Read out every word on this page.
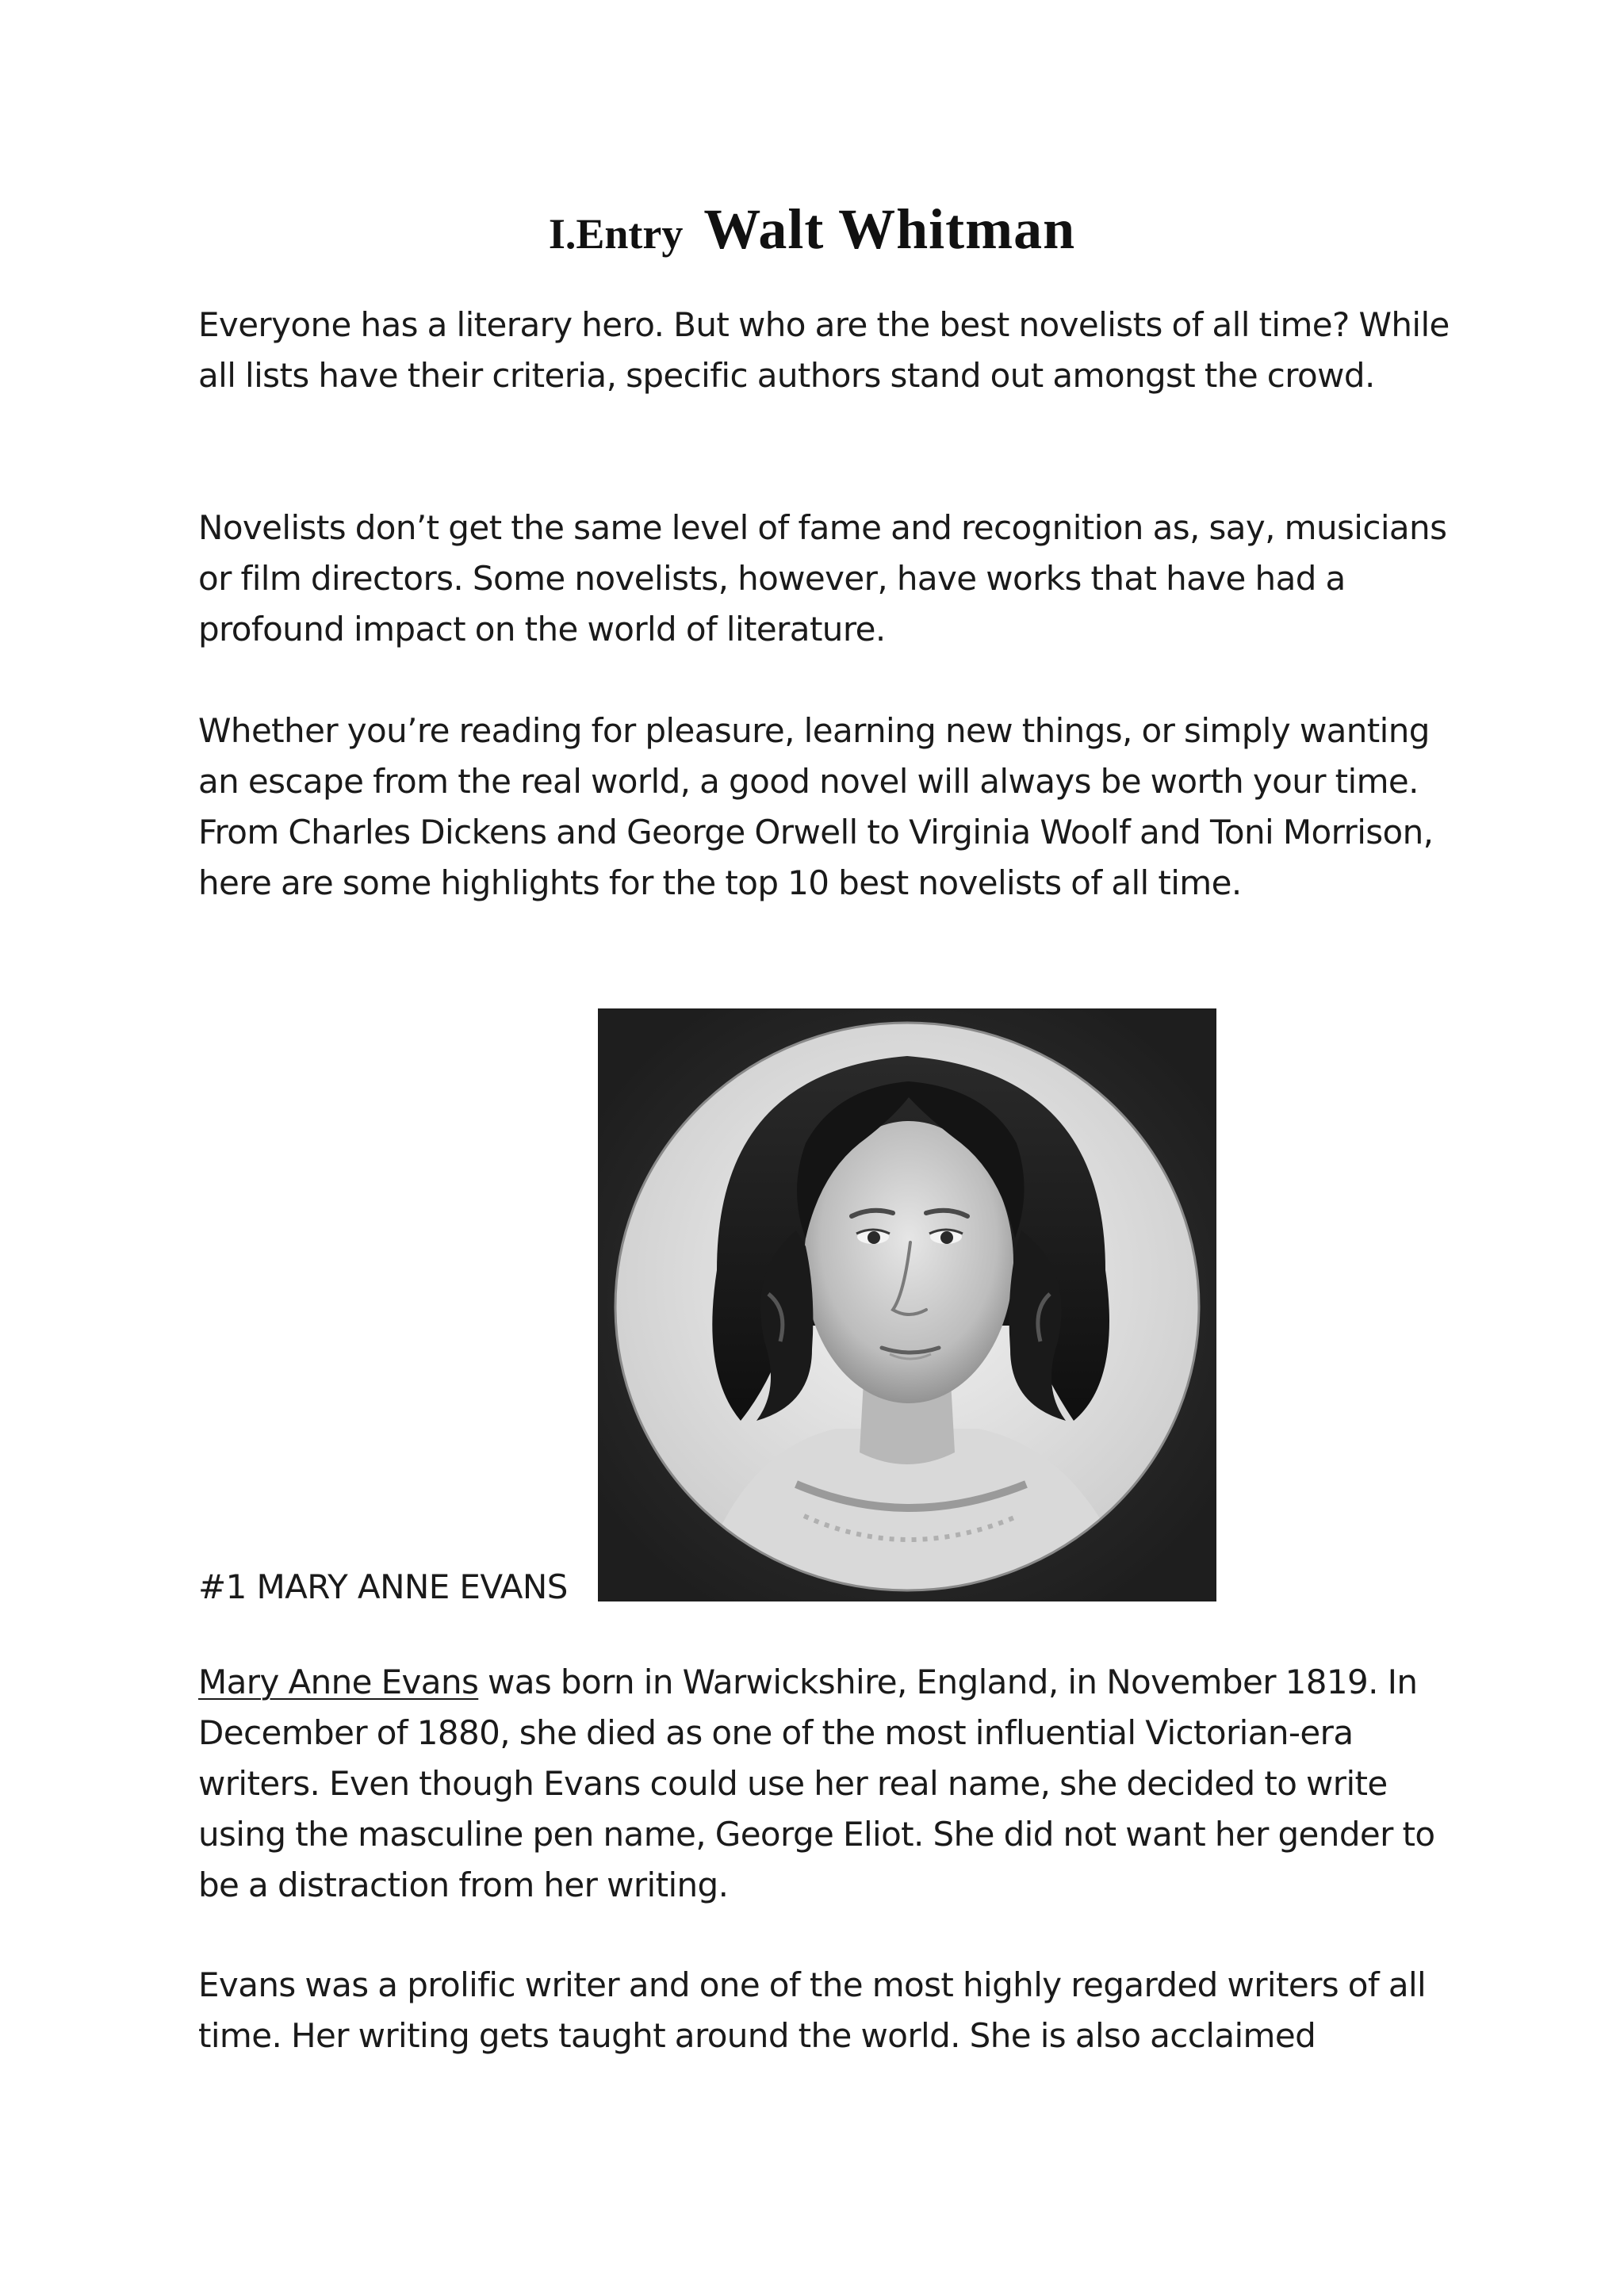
I.Entry Walt Whitman

Everyone has a literary hero. But who are the best novelists of all time? While all lists have their criteria, specific authors stand out amongst the crowd.

Novelists don’t get the same level of fame and recognition as, say, musicians or film directors. Some novelists, however, have works that have had a profound impact on the world of literature.

Whether you’re reading for pleasure, learning new things, or simply wanting an escape from the real world, a good novel will always be worth your time. From Charles Dickens and George Orwell to Virginia Woolf and Toni Morrison, here are some highlights for the top 10 best novelists of all time.

#1 MARY ANNE EVANS

Mary Anne Evans was born in Warwickshire, England, in November 1819. In December of 1880, she died as one of the most influential Victorian-era writers. Even though Evans could use her real name, she decided to write using the masculine pen name, George Eliot. She did not want her gender to be a distraction from her writing.

Evans was a prolific writer and one of the most highly regarded writers of all time. Her writing gets taught around the world. She is also acclaimed
